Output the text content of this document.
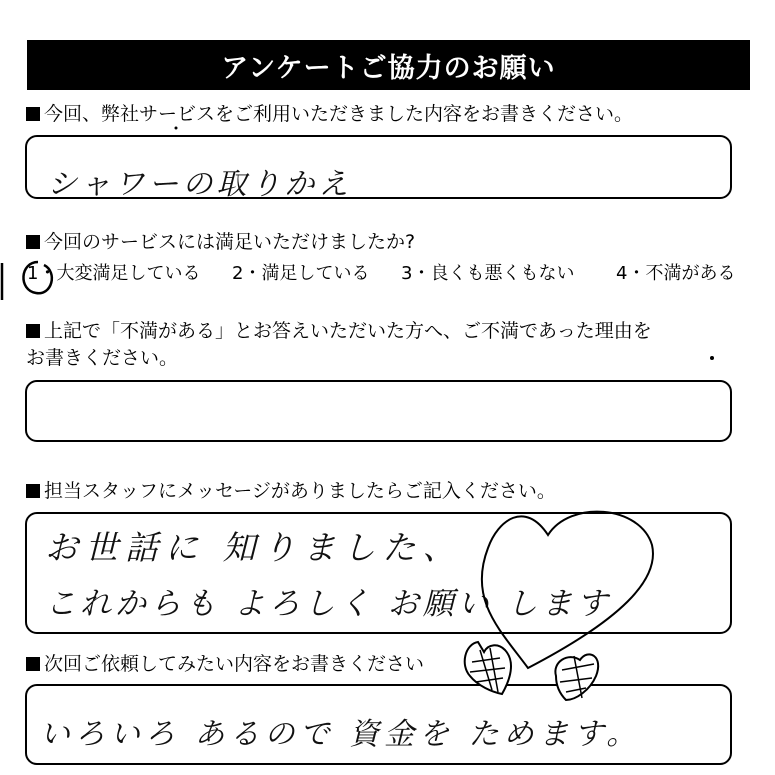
アンケートご協力のお願い
今回、弊社サービスをご利用いただきました内容をお書きください。
シャワーの取りかえ
今回のサービスには満足いただけましたか?
1・大変満足している 2・満足している 3・良くも悪くもない 4・不満がある
上記で「不満がある」とお答えいただいた方へ、ご不満であった理由を
お書きください。
担当スタッフにメッセージがありましたらご記入ください。
お世話に 知りました、
これからも よろしく お願い します
次回ご依頼してみたい内容をお書きください
いろいろ あるので 資金を ためます。
